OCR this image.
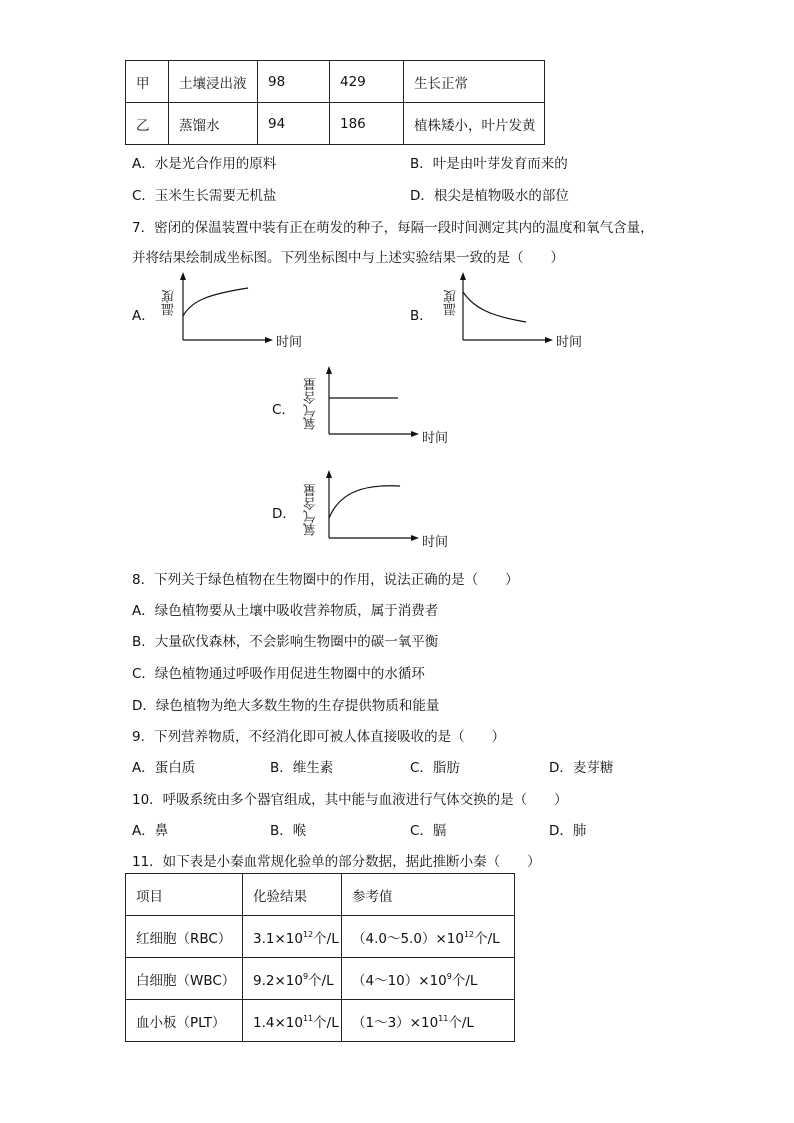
甲	土壤浸出液	98	429	生长正常
乙	蒸馏水	94	186	植株矮小，叶片发黄
A．水是光合作用的原料	B．叶是由叶芽发育而来的
C．玉米生长需要无机盐	D．根尖是植物吸水的部位
7．密闭的保温装置中装有正在萌发的种子，每隔一段时间测定其内的温度和氧气含量，
并将结果绘制成坐标图。下列坐标图中与上述实验结果一致的是（　　）
A． 温度
时间
B． 温度
时间
C． 氧气含量
时间
D． 氧气含量
时间
8．下列关于绿色植物在生物圈中的作用，说法正确的是（　　）
A．绿色植物要从土壤中吸收营养物质，属于消费者
B．大量砍伐森林，不会影响生物圈中的碳一氧平衡
C．绿色植物通过呼吸作用促进生物圈中的水循环
D．绿色植物为绝大多数生物的生存提供物质和能量
9．下列营养物质，不经消化即可被人体直接吸收的是（　　）
A．蛋白质	B．维生素	C．脂肪	D．麦芽糖
10．呼吸系统由多个器官组成，其中能与血液进行气体交换的是（　　）
A．鼻	B．喉	C．膈	D．肺
11．如下表是小秦血常规化验单的部分数据，据此推断小秦（　　）
项目	化验结果	参考值
红细胞（RBC）	$3.1\times 10^{12}$个/L	$(4.0\sim 5.0)\times 10^{12}$个/L
白细胞（WBC）	$9.2\times 10^9$个/L	$(4\sim 10)\times 10^9$个/L
血小板（PLT）	$1.4\times 10^{11}$个/L	$(1\sim 3)\times 10^{11}$个/L
